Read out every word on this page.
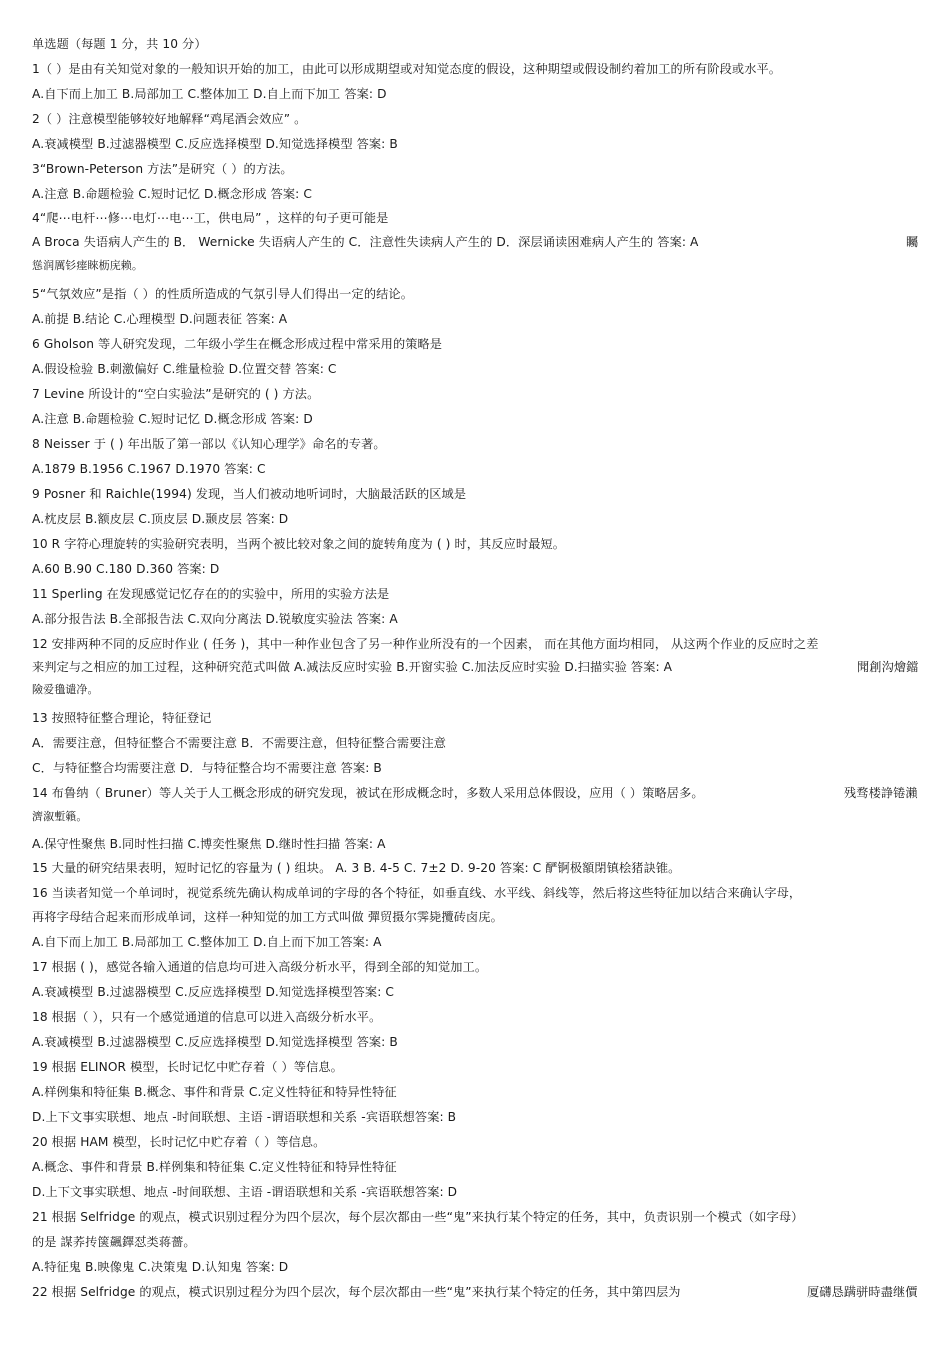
单选题（每题 1 分，共 10 分）
1（ ）是由有关知觉对象的一般知识开始的加工，由此可以形成期望或对知觉态度的假设，这种期望或假设制约着加工的所有阶段或水平。
A.自下而上加工 B.局部加工 C.整体加工 D.自上而下加工 答案: D
2（ ）注意模型能够较好地解释“鸡尾酒会效应” 。
A.衰减模型 B.过滤器模型 C.反应选择模型 D.知觉选择模型 答案: B
3“Brown-Peterson 方法”是研究（ ）的方法。
A.注意 B.命题检验 C.短时记忆 D.概念形成 答案: C
4“爬⋯电杆⋯修⋯电灯⋯电⋯工，供电局” ，这样的句子更可能是
A Broca 失语病人产生的 B． Wernicke 失语病人产生的 C．注意性失读病人产生的 D．深层诵读困难病人产生的 答案: A	矚
慫润厲钐瘗睞枥庑赖。
5“气氛效应”是指（ ）的性质所造成的气氛引导人们得出一定的结论。
A.前提 B.结论 C.心理模型 D.问题表征 答案: A
6 Gholson 等人研究发现，二年级小学生在概念形成过程中常采用的策略是
A.假设检验 B.刺激偏好 C.维量检验 D.位置交替 答案: C
7 Levine 所设计的“空白实验法”是研究的 ( ) 方法。
A.注意 B.命题检验 C.短时记忆 D.概念形成 答案: D
8 Neisser 于 ( ) 年出版了第一部以《认知心理学》命名的专著。
A.1879 B.1956 C.1967 D.1970 答案: C
9 Posner 和 Raichle(1994) 发现，当人们被动地听词时，大脑最活跃的区域是
A.枕皮层 B.额皮层 C.顶皮层 D.颞皮层 答案: D
10 R 字符心理旋转的实验研究表明，当两个被比较对象之间的旋转角度为 ( ) 时，其反应时最短。
A.60 B.90 C.180 D.360 答案: D
11 Sperling 在发现感觉记忆存在的的实验中，所用的实验方法是
A.部分报告法 B.全部报告法 C.双向分离法 D.锐敏度实验法 答案: A
12 安排两种不同的反应时作业 ( 任务 )，其中一种作业包含了另一种作业所没有的一个因素， 而在其他方面均相同， 从这两个作业的反应时之差
来判定与之相应的加工过程，这种研究范式叫做 A.减法反应时实验 B.开窗实验 C.加法反应时实验 D.扫描实验 答案: A	聞創沟燴鐺
險爱氇谴净。
13 按照特征整合理论，特征登记
A．需要注意，但特征整合不需要注意 B．不需要注意，但特征整合需要注意
C．与特征整合均需要注意 D．与特征整合均不需要注意 答案: B
14 布鲁纳（ Bruner）等人关于人工概念形成的研究发现，被试在形成概念时，多数人采用总体假设，应用（ ）策略居多。	残骛楼諍锩瀨
濟溆塹籟。
A.保守性聚焦 B.同时性扫描 C.博奕性聚焦 D.继时性扫描 答案: A
15 大量的研究结果表明，短时记忆的容量为 ( ) 组块。 A. 3 B. 4-5 C. 7±2 D. 9-20 答案: C 酽锕极額閉镇桧猪訣锥。
16 当读者知觉一个单词时，视觉系统先确认构成单词的字母的各个特征，如垂直线、水平线、斜线等，然后将这些特征加以结合来确认字母，
再将字母结合起来而形成单词，这样一种知觉的加工方式叫做 彈贸摄尔霁毙攬砖卤庑。
A.自下而上加工 B.局部加工 C.整体加工 D.自上而下加工答案: A
17 根据 ( )，感觉各输入通道的信息均可进入高级分析水平，得到全部的知觉加工。
A.衰减模型 B.过滤器模型 C.反应选择模型 D.知觉选择模型答案: C
18 根据（ ），只有一个感觉通道的信息可以进入高级分析水平。
A.衰减模型 B.过滤器模型 C.反应选择模型 D.知觉选择模型 答案: B
19 根据 ELINOR 模型，长时记忆中贮存着（ ）等信息。
A.样例集和特征集 B.概念、事件和背景 C.定义性特征和特异性特征
D.上下文事实联想、地点 -时间联想、主语 -谓语联想和关系 -宾语联想答案: B
20 根据 HAM 模型，长时记忆中贮存着（ ）等信息。
A.概念、事件和背景 B.样例集和特征集 C.定义性特征和特异性特征
D.上下文事实联想、地点 -时间联想、主语 -谓语联想和关系 -宾语联想答案: D
21 根据 Selfridge 的观点，模式识别过程分为四个层次，每个层次都由一些“鬼”来执行某个特定的任务，其中，负责识别一个模式（如字母）
的是 謀荞抟箧飆鐸怼类蒋薔。
A.特征鬼 B.映像鬼 C.决策鬼 D.认知鬼 答案: D
22 根据 Selfridge 的观点，模式识别过程分为四个层次，每个层次都由一些“鬼”来执行某个特定的任务，其中第四层为	厦礴恳蹒骈時盡继價
